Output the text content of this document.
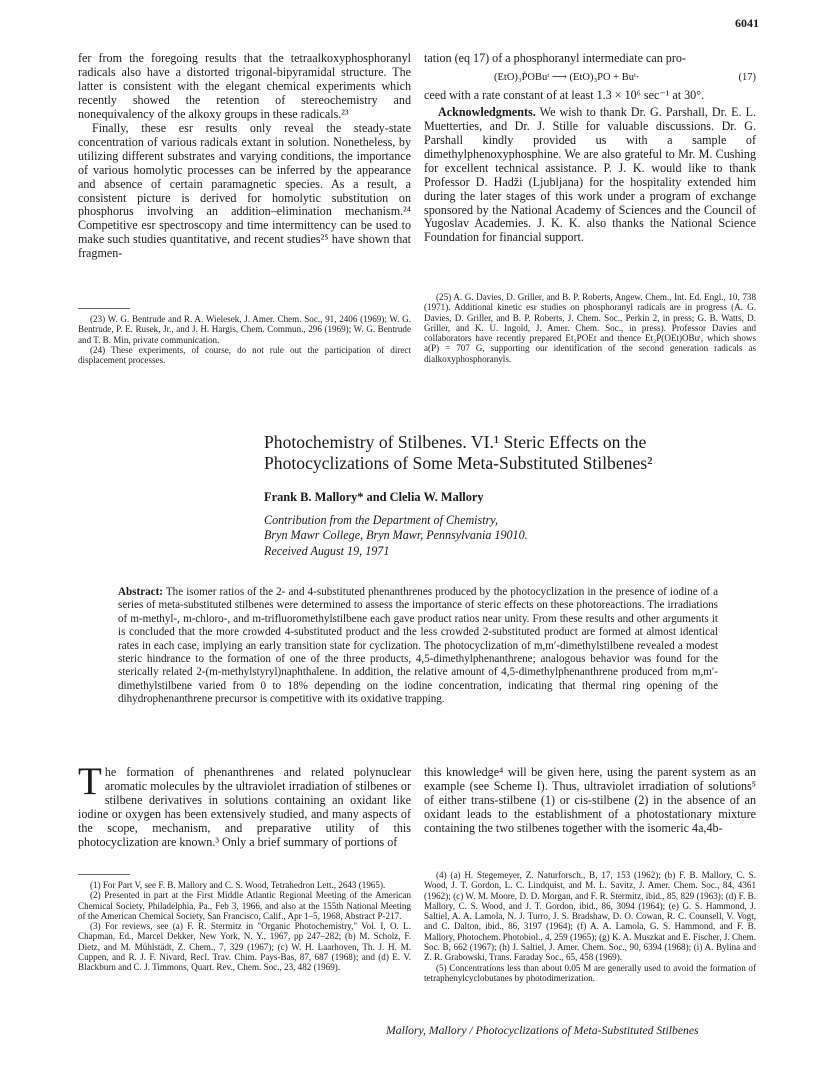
6041

fer from the foregoing results that the tetraalkoxyphosphoranyl radicals also have a distorted trigonal-bipyramidal structure. The latter is consistent with the elegant chemical experiments which recently showed the retention of stereochemistry and nonequivalency of the alkoxy groups in these radicals.²³

Finally, these esr results only reveal the steady-state concentration of various radicals extant in solution. Nonetheless, by utilizing different substrates and varying conditions, the importance of various homolytic processes can be inferred by the appearance and absence of certain paramagnetic species. As a result, a consistent picture is derived for homolytic substitution on phosphorus involving an addition–elimination mechanism.²⁴ Competitive esr spectroscopy and time intermittency can be used to make such studies quantitative, and recent studies²⁵ have shown that fragmen-

(23) W. G. Bentrude and R. A. Wielesek, J. Amer. Chem. Soc., 91, 2406 (1969); W. G. Bentrude, P. E. Rusek, Jr., and J. H. Hargis, Chem. Commun., 296 (1969); W. G. Bentrude and T. B. Min, private communication.

(24) These experiments, of course, do not rule out the participation of direct displacement processes.

tation (eq 17) of a phosphoranyl intermediate can pro-

(EtO)₃ṖOBuᵗ ⟶ (EtO)₃PO + Buᵗ·	(17)

ceed with a rate constant of at least 1.3 × 10⁶ sec⁻¹ at 30°.

Acknowledgments. We wish to thank Dr. G. Parshall, Dr. E. L. Muetterties, and Dr. J. Stille for valuable discussions. Dr. G. Parshall kindly provided us with a sample of dimethylphenoxyphosphine. We are also grateful to Mr. M. Cushing for excellent technical assistance. P. J. K. would like to thank Professor D. Hadži (Ljubljana) for the hospitality extended him during the later stages of this work under a program of exchange sponsored by the National Academy of Sciences and the Council of Yugoslav Academies. J. K. K. also thanks the National Science Foundation for financial support.

(25) A. G. Davies, D. Griller, and B. P. Roberts, Angew. Chem., Int. Ed. Engl., 10, 738 (1971). Additional kinetic esr studies on phosphoranyl radicals are in progress (A. G. Davies, D. Griller, and B. P. Roberts, J. Chem. Soc., Perkin 2, in press; G. B. Watts, D. Griller, and K. U. Ingold, J. Amer. Chem. Soc., in press). Professor Davies and collaborators have recently prepared Et₂POEt and thence Et₂Ṗ(OEt)OBuᵗ, which shows a(P) = 707 G, supporting our identification of the second generation radicals as dialkoxyphosphoranyls.

Photochemistry of Stilbenes. VI.¹ Steric Effects on the
Photocyclizations of Some Meta-Substituted Stilbenes²
Frank B. Mallory* and Clelia W. Mallory
Contribution from the Department of Chemistry,
Bryn Mawr College, Bryn Mawr, Pennsylvania 19010.
Received August 19, 1971
Abstract: The isomer ratios of the 2- and 4-substituted phenanthrenes produced by the photocyclization in the presence of iodine of a series of meta-substituted stilbenes were determined to assess the importance of steric effects on these photoreactions. The irradiations of m-methyl-, m-chloro-, and m-trifluoromethylstilbene each gave product ratios near unity. From these results and other arguments it is concluded that the more crowded 4-substituted product and the less crowded 2-substituted product are formed at almost identical rates in each case, implying an early transition state for cyclization. The photocyclization of m,m′-dimethylstilbene revealed a modest steric hindrance to the formation of one of the three products, 4,5-dimethylphenanthrene; analogous behavior was found for the sterically related 2-(m-methylstyryl)naphthalene. In addition, the relative amount of 4,5-dimethylphenanthrene produced from m,m′-dimethylstilbene varied from 0 to 18% depending on the iodine concentration, indicating that thermal ring opening of the dihydrophenanthrene precursor is competitive with its oxidative trapping.

The formation of phenanthrenes and related polynuclear aromatic molecules by the ultraviolet irradiation of stilbenes or stilbene derivatives in solutions containing an oxidant like iodine or oxygen has been extensively studied, and many aspects of the scope, mechanism, and preparative utility of this photocyclization are known.³ Only a brief summary of portions of

(1) For Part V, see F. B. Mallory and C. S. Wood, Tetrahedron Lett., 2643 (1965).

(2) Presented in part at the First Middle Atlantic Regional Meeting of the American Chemical Society, Philadelphia, Pa., Feb 3, 1966, and also at the 155th National Meeting of the American Chemical Society, San Francisco, Calif., Apr 1–5, 1968, Abstract P-217.

(3) For reviews, see (a) F. R. Stermitz in "Organic Photochemistry," Vol. I, O. L. Chapman, Ed., Marcel Dekker, New York, N. Y., 1967, pp 247–282; (b) M. Scholz, F. Dietz, and M. Mühlstädt, Z. Chem., 7, 329 (1967); (c) W. H. Laarhoven, Th. J. H. M. Cuppen, and R. J. F. Nivard, Recl. Trav. Chim. Pays-Bas, 87, 687 (1968); and (d) E. V. Blackburn and C. J. Timmons, Quart. Rev., Chem. Soc., 23, 482 (1969).

this knowledge⁴ will be given here, using the parent system as an example (see Scheme I). Thus, ultraviolet irradiation of solutions⁵ of either trans-stilbene (1) or cis-stilbene (2) in the absence of an oxidant leads to the establishment of a photostationary mixture containing the two stilbenes together with the isomeric 4a,4b-

(4) (a) H. Stegemeyer, Z. Naturforsch., B, 17, 153 (1962); (b) F. B. Mallory, C. S. Wood, J. T. Gordon, L. C. Lindquist, and M. L. Savitz, J. Amer. Chem. Soc., 84, 4361 (1962); (c) W. M. Moore, D. D. Morgan, and F. R. Stermitz, ibid., 85, 829 (1963); (d) F. B. Mallory, C. S. Wood, and J. T. Gordon, ibid., 86, 3094 (1964); (e) G. S. Hammond, J. Saltiel, A. A. Lamola, N. J. Turro, J. S. Bradshaw, D. O. Cowan, R. C. Counsell, V. Vogt, and C. Dalton, ibid., 86, 3197 (1964); (f) A. A. Lamola, G. S. Hammond, and F. B. Mallory, Photochem. Photobiol., 4, 259 (1965); (g) K. A. Muszkat and E. Fischer, J. Chem. Soc. B, 662 (1967); (h) J. Saltiel, J. Amer. Chem. Soc., 90, 6394 (1968); (i) A. Bylina and Z. R. Grabowski, Trans. Faraday Soc., 65, 458 (1969).

(5) Concentrations less than about 0.05 M are generally used to avoid the formation of tetraphenylcyclobutanes by photodimerization.

Mallory, Mallory / Photocyclizations of Meta-Substituted Stilbenes
